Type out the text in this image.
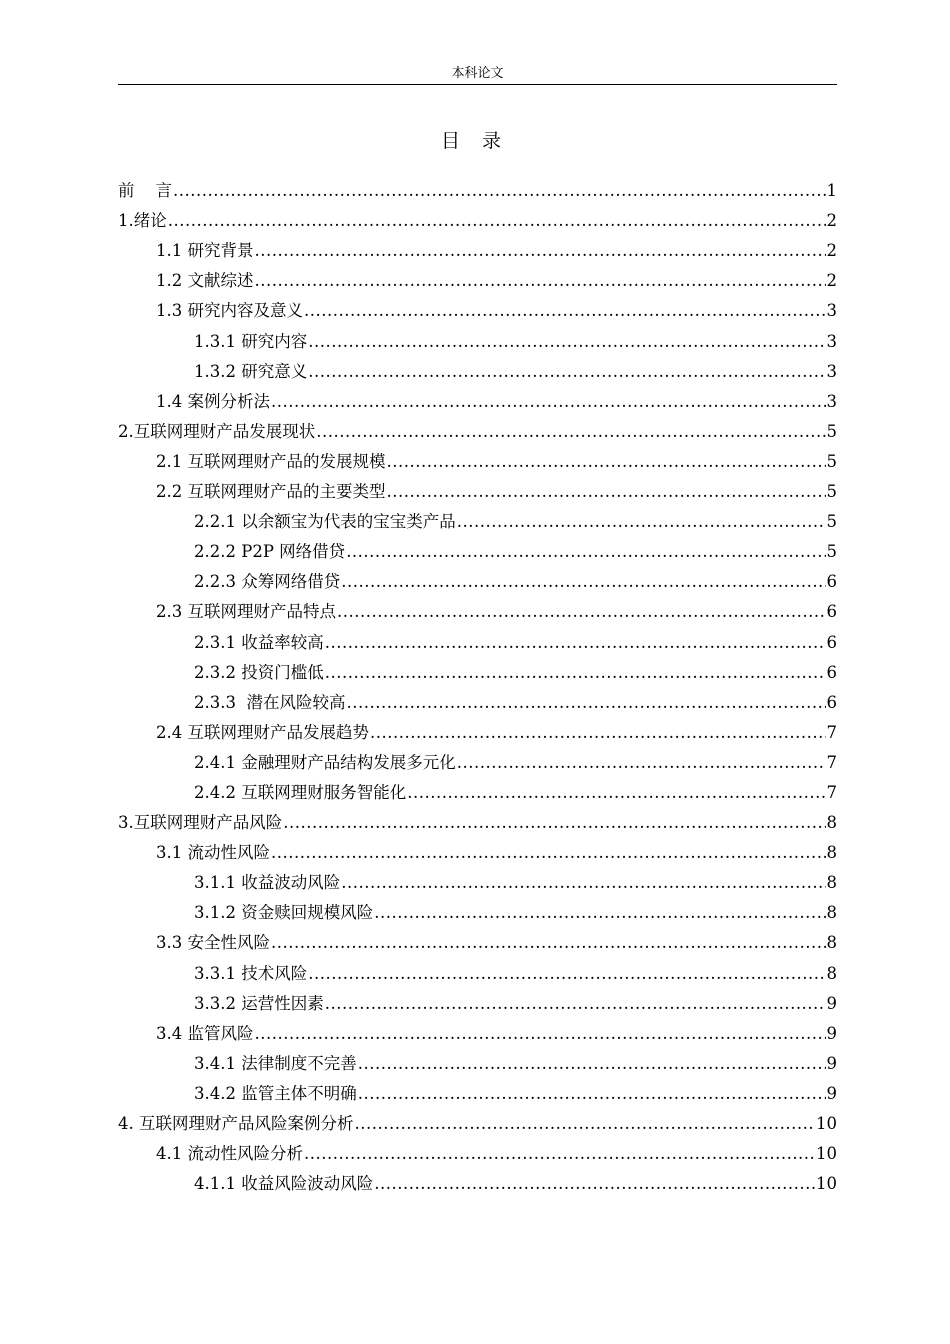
本科论文
目 录
前    言 .....	1
1.绪论 .....	2
1.1 研究背景 .....	2
1.2 文献综述 .....	2
1.3 研究内容及意义 .....	3
1.3.1 研究内容 .....	3
1.3.2 研究意义 .....	3
1.4 案例分析法 .....	3
2.互联网理财产品发展现状 .....	5
2.1 互联网理财产品的发展规模 .....	5
2.2 互联网理财产品的主要类型 .....	5
2.2.1 以余额宝为代表的宝宝类产品 .....	5
2.2.2 P2P 网络借贷 .....	5
2.2.3 众筹网络借贷 .....	6
2.3 互联网理财产品特点 .....	6
2.3.1 收益率较高 .....	6
2.3.2 投资门槛低 .....	6
2.3.3  潜在风险较高 .....	6
2.4 互联网理财产品发展趋势 .....	7
2.4.1 金融理财产品结构发展多元化 .....	7
2.4.2 互联网理财服务智能化 .....	7
3.互联网理财产品风险 .....	8
3.1 流动性风险 .....	8
3.1.1 收益波动风险 .....	8
3.1.2 资金赎回规模风险 .....	8
3.3 安全性风险 .....	8
3.3.1 技术风险 .....	8
3.3.2 运营性因素 .....	9
3.4 监管风险 .....	9
3.4.1 法律制度不完善 .....	9
3.4.2 监管主体不明确 .....	9
4. 互联网理财产品风险案例分析 .....	10
4.1 流动性风险分析 .....	10
4.1.1 收益风险波动风险 .....	10
